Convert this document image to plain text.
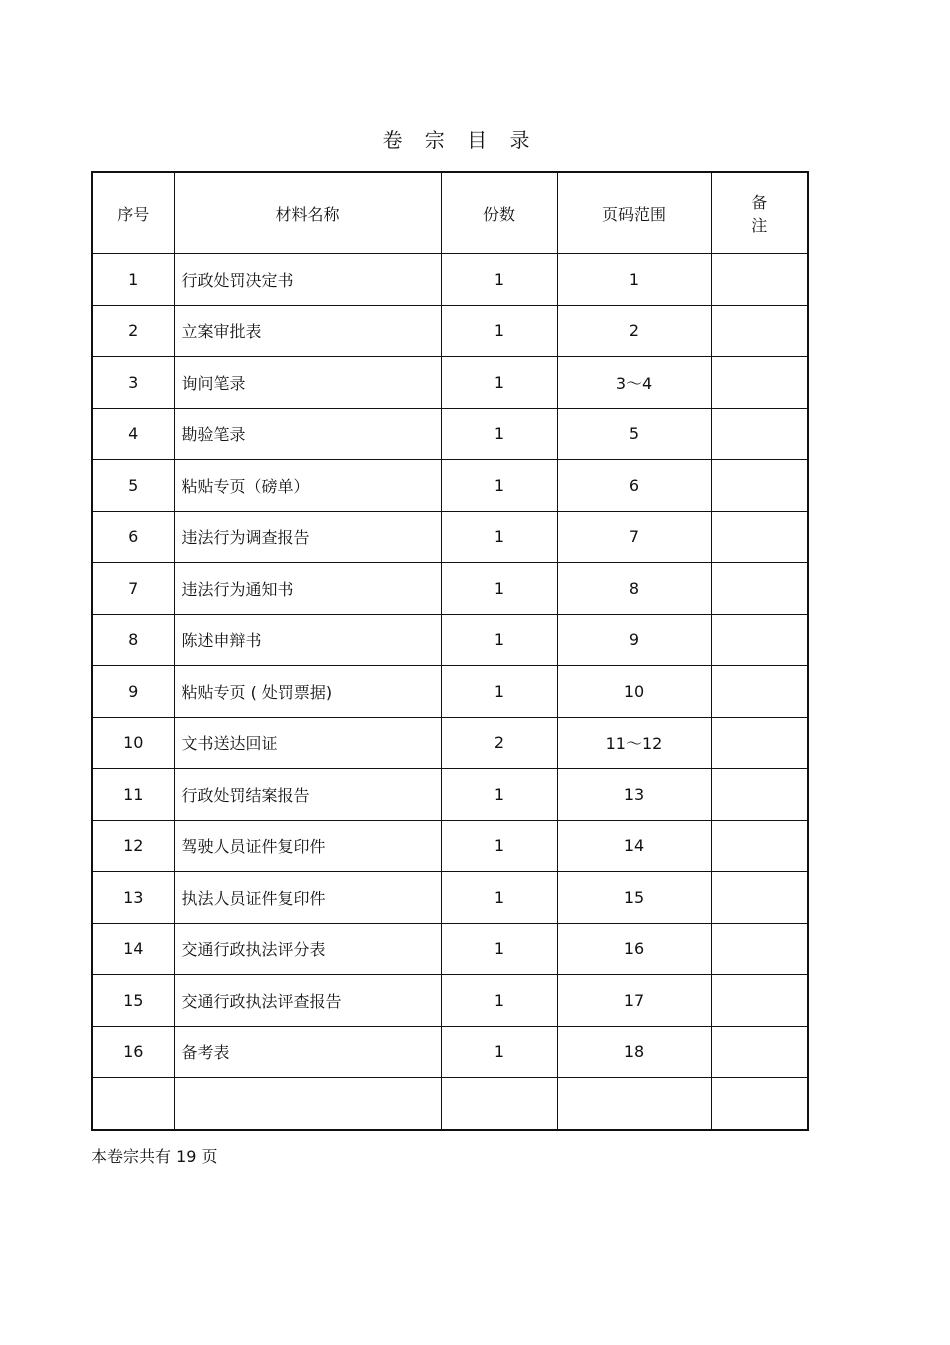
卷 宗 目 录
序号	材料名称	份数	页码范围	备注
1	行政处罚决定书	1	1	
2	立案审批表	1	2	
3	询问笔录	1	3～4	
4	勘验笔录	1	5	
5	粘贴专页（磅单）	1	6	
6	违法行为调查报告	1	7	
7	违法行为通知书	1	8	
8	陈述申辩书	1	9	
9	粘贴专页 ( 处罚票据)	1	10	
10	文书送达回证	2	11～12	
11	行政处罚结案报告	1	13	
12	驾驶人员证件复印件	1	14	
13	执法人员证件复印件	1	15	
14	交通行政执法评分表	1	16	
15	交通行政执法评查报告	1	17	
16	备考表	1	18	

本卷宗共有 19 页
